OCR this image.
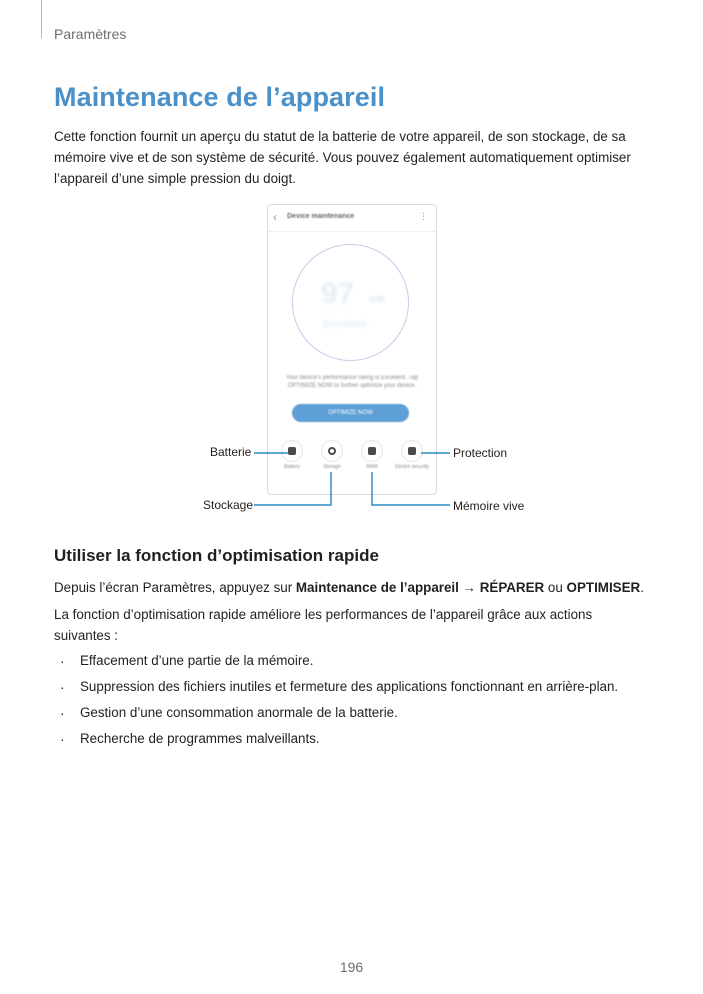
Paramètres
Maintenance de l’appareil

Cette fonction fournit un aperçu du statut de la batterie de votre appareil, de son stockage, de sa mémoire vive et de son système de sécurité. Vous pouvez également automatiquement optimiser l’appareil d’une simple pression du doigt.

‹ Device maintenance	⋮
97 /100
Excellent
Your device's performance rating is Excellent. Tap OPTIMIZE NOW to further optimize your device.
OPTIMIZE NOW
Battery	Storage	RAM	Device security
Batterie
Stockage
Protection
Mémoire vive
Utiliser la fonction d’optimisation rapide

Depuis l’écran Paramètres, appuyez sur Maintenance de l’appareil → RÉPARER ou OPTIMISER.

La fonction d’optimisation rapide améliore les performances de l’appareil grâce aux actions suivantes :

· Effacement d’une partie de la mémoire.
· Suppression des fichiers inutiles et fermeture des applications fonctionnant en arrière-plan.
· Gestion d’une consommation anormale de la batterie.
· Recherche de programmes malveillants.
196
